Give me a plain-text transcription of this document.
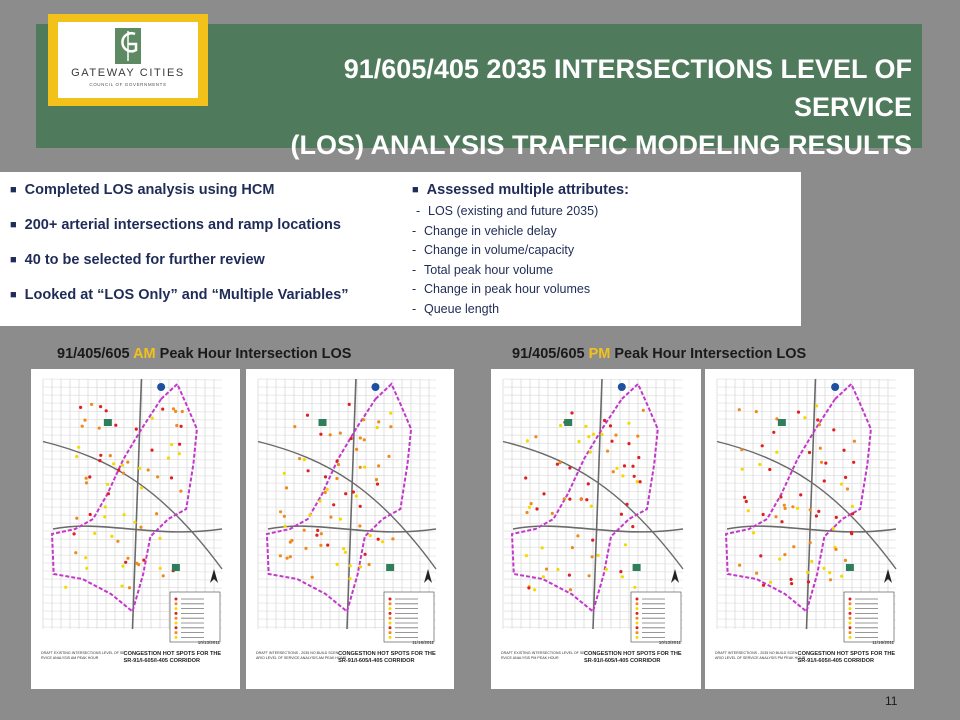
GATEWAY CITIES
COUNCIL OF GOVERNMENTS
91/605/405 2035 INTERSECTIONS LEVEL OF SERVICE
(LOS) ANALYSIS TRAFFIC MODELING RESULTS
■ Completed LOS analysis using HCM
■ 200+ arterial intersections and ramp locations
■ 40 to be selected for further review
■ Looked at “LOS Only” and “Multiple Variables”
■ Assessed multiple attributes:
- LOS (existing and future 2035)
- Change in vehicle delay
- Change in volume/capacity
- Total peak hour volume
- Change in peak hour volumes
- Queue length
91/405/605 AM Peak Hour Intersection LOS	91/405/605 PM Peak Hour Intersection LOS
10/13/2011
DRAFT EXISTING INTERSECTIONS LEVEL OF SE
RVICE ANALYSIS AM PEAK HOUR
CONGESTION HOT SPOTS FOR THE
SR-91/I-605/I-405 CORRIDOR
11/16/2011
DRAFT INTERSECTIONS - 2035 NO BUILD SCEN
ARIO LEVEL OF SERVICE ANALYSIS AM PEAK HOUR
CONGESTION HOT SPOTS FOR THE
SR-91/I-605/I-405 CORRIDOR
10/13/2011
DRAFT EXISTING INTERSECTIONS LEVEL OF SE
RVICE ANALYSIS PM PEAK HOUR
CONGESTION HOT SPOTS FOR THE
SR-91/I-605/I-405 CORRIDOR
11/16/2011
DRAFT INTERSECTIONS - 2035 NO BUILD SCEN
ARIO LEVEL OF SERVICE ANALYSIS PM PEAK HOUR
CONGESTION HOT SPOTS FOR THE
SR-91/I-605/I-405 CORRIDOR
11
